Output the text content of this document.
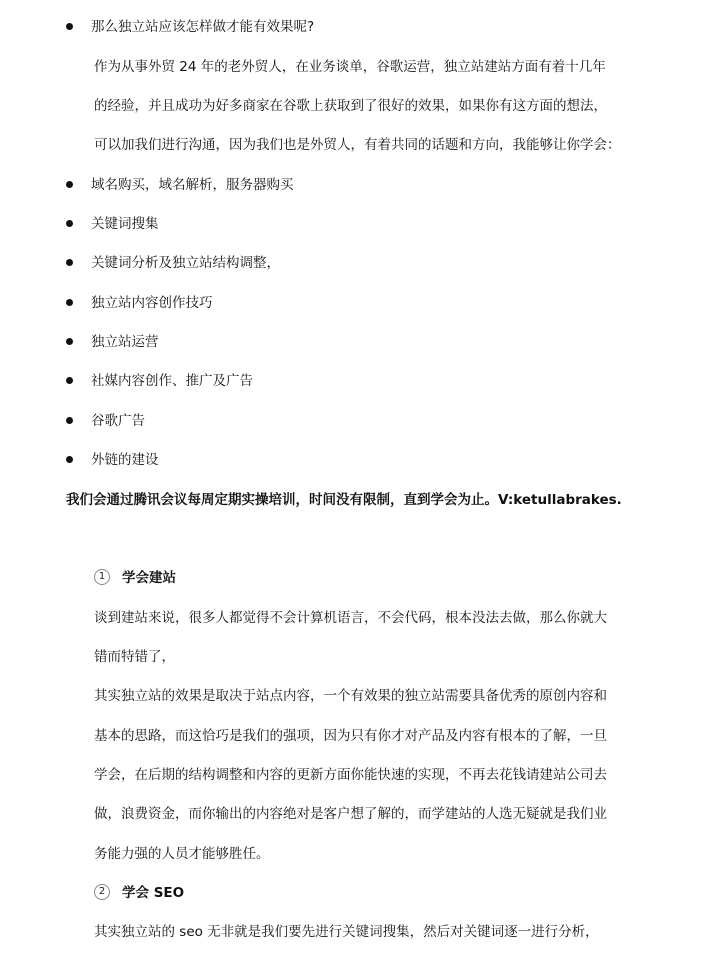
那么独立站应该怎样做才能有效果呢?
作为从事外贸 24 年的老外贸人，在业务谈单，谷歌运营，独立站建站方面有着十几年
的经验，并且成功为好多商家在谷歌上获取到了很好的效果，如果你有这方面的想法，
可以加我们进行沟通，因为我们也是外贸人，有着共同的话题和方向，我能够让你学会：
域名购买，域名解析，服务器购买
关键词搜集
关键词分析及独立站结构调整，
独立站内容创作技巧
独立站运营
社媒内容创作、推广及广告
谷歌广告
外链的建设
我们会通过腾讯会议每周定期实操培训，时间没有限制，直到学会为止。V:ketullabrakes.
1 学会建站
谈到建站来说，很多人都觉得不会计算机语言，不会代码，根本没法去做，那么你就大
错而特错了，
其实独立站的效果是取决于站点内容，一个有效果的独立站需要具备优秀的原创内容和
基本的思路，而这恰巧是我们的强项，因为只有你才对产品及内容有根本的了解，一旦
学会，在后期的结构调整和内容的更新方面你能快速的实现，不再去花钱请建站公司去
做，浪费资金，而你输出的内容绝对是客户想了解的，而学建站的人选无疑就是我们业
务能力强的人员才能够胜任。
2 学会 SEO
其实独立站的 seo 无非就是我们要先进行关键词搜集，然后对关键词逐一进行分析，
